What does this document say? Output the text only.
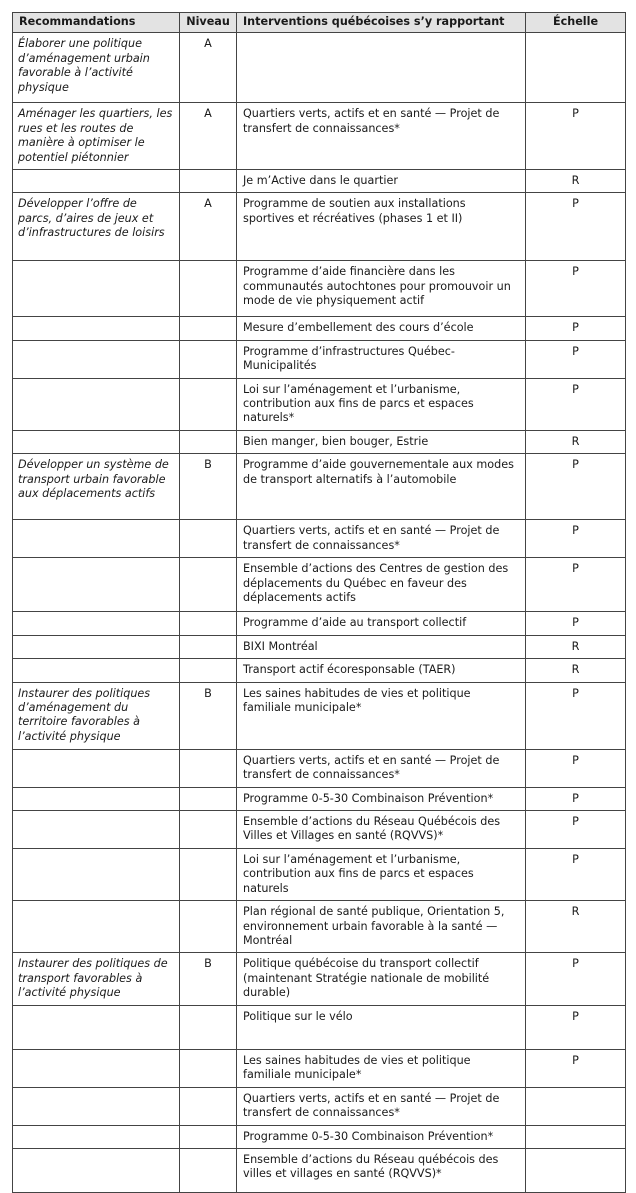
Recommandations	Niveau	Interventions québécoises s’y rapportant	Échelle
Élaborer une politique d’aménagement urbain favorable à l’activité physique	A		
Aménager les quartiers, les rues et les routes de manière à optimiser le potentiel piétonnier	A	Quartiers verts, actifs et en santé — Projet de transfert de connaissances*	P
		Je m’Active dans le quartier	R
Développer l’offre de parcs, d’aires de jeux et d’infrastructures de loisirs	A	Programme de soutien aux installations sportives et récréatives (phases 1 et II)	P
		Programme d’aide financière dans les communautés autochtones pour promouvoir un mode de vie physiquement actif	P
		Mesure d’embellement des cours d’école	P
		Programme d’infrastructures Québec-Municipalités	P
		Loi sur l’aménagement et l’urbanisme, contribution aux fins de parcs et espaces naturels*	P
		Bien manger, bien bouger, Estrie	R
Développer un système de transport urbain favorable aux déplacements actifs	B	Programme d’aide gouvernementale aux modes de transport alternatifs à l’automobile	P
		Quartiers verts, actifs et en santé — Projet de transfert de connaissances*	P
		Ensemble d’actions des Centres de gestion des déplacements du Québec en faveur des déplacements actifs	P
		Programme d’aide au transport collectif	P
		BIXI Montréal	R
		Transport actif écoresponsable (TAER)	R
Instaurer des politiques d’aménagement du territoire favorables à l’activité physique	B	Les saines habitudes de vies et politique familiale municipale*	P
		Quartiers verts, actifs et en santé — Projet de transfert de connaissances*	P
		Programme 0-5-30 Combinaison Prévention*	P
		Ensemble d’actions du Réseau Québécois des Villes et Villages en santé (RQVVS)*	P
		Loi sur l’aménagement et l’urbanisme, contribution aux fins de parcs et espaces naturels	P
		Plan régional de santé publique, Orientation 5, environnement urbain favorable à la santé — Montréal	R
Instaurer des politiques de transport favorables à l’activité physique	B	Politique québécoise du transport collectif (maintenant Stratégie nationale de mobilité durable)	P
		Politique sur le vélo	P
		Les saines habitudes de vies et politique familiale municipale*	P
		Quartiers verts, actifs et en santé — Projet de transfert de connaissances*	
		Programme 0-5-30 Combinaison Prévention*	
		Ensemble d’actions du Réseau québécois des villes et villages en santé (RQVVS)*	
